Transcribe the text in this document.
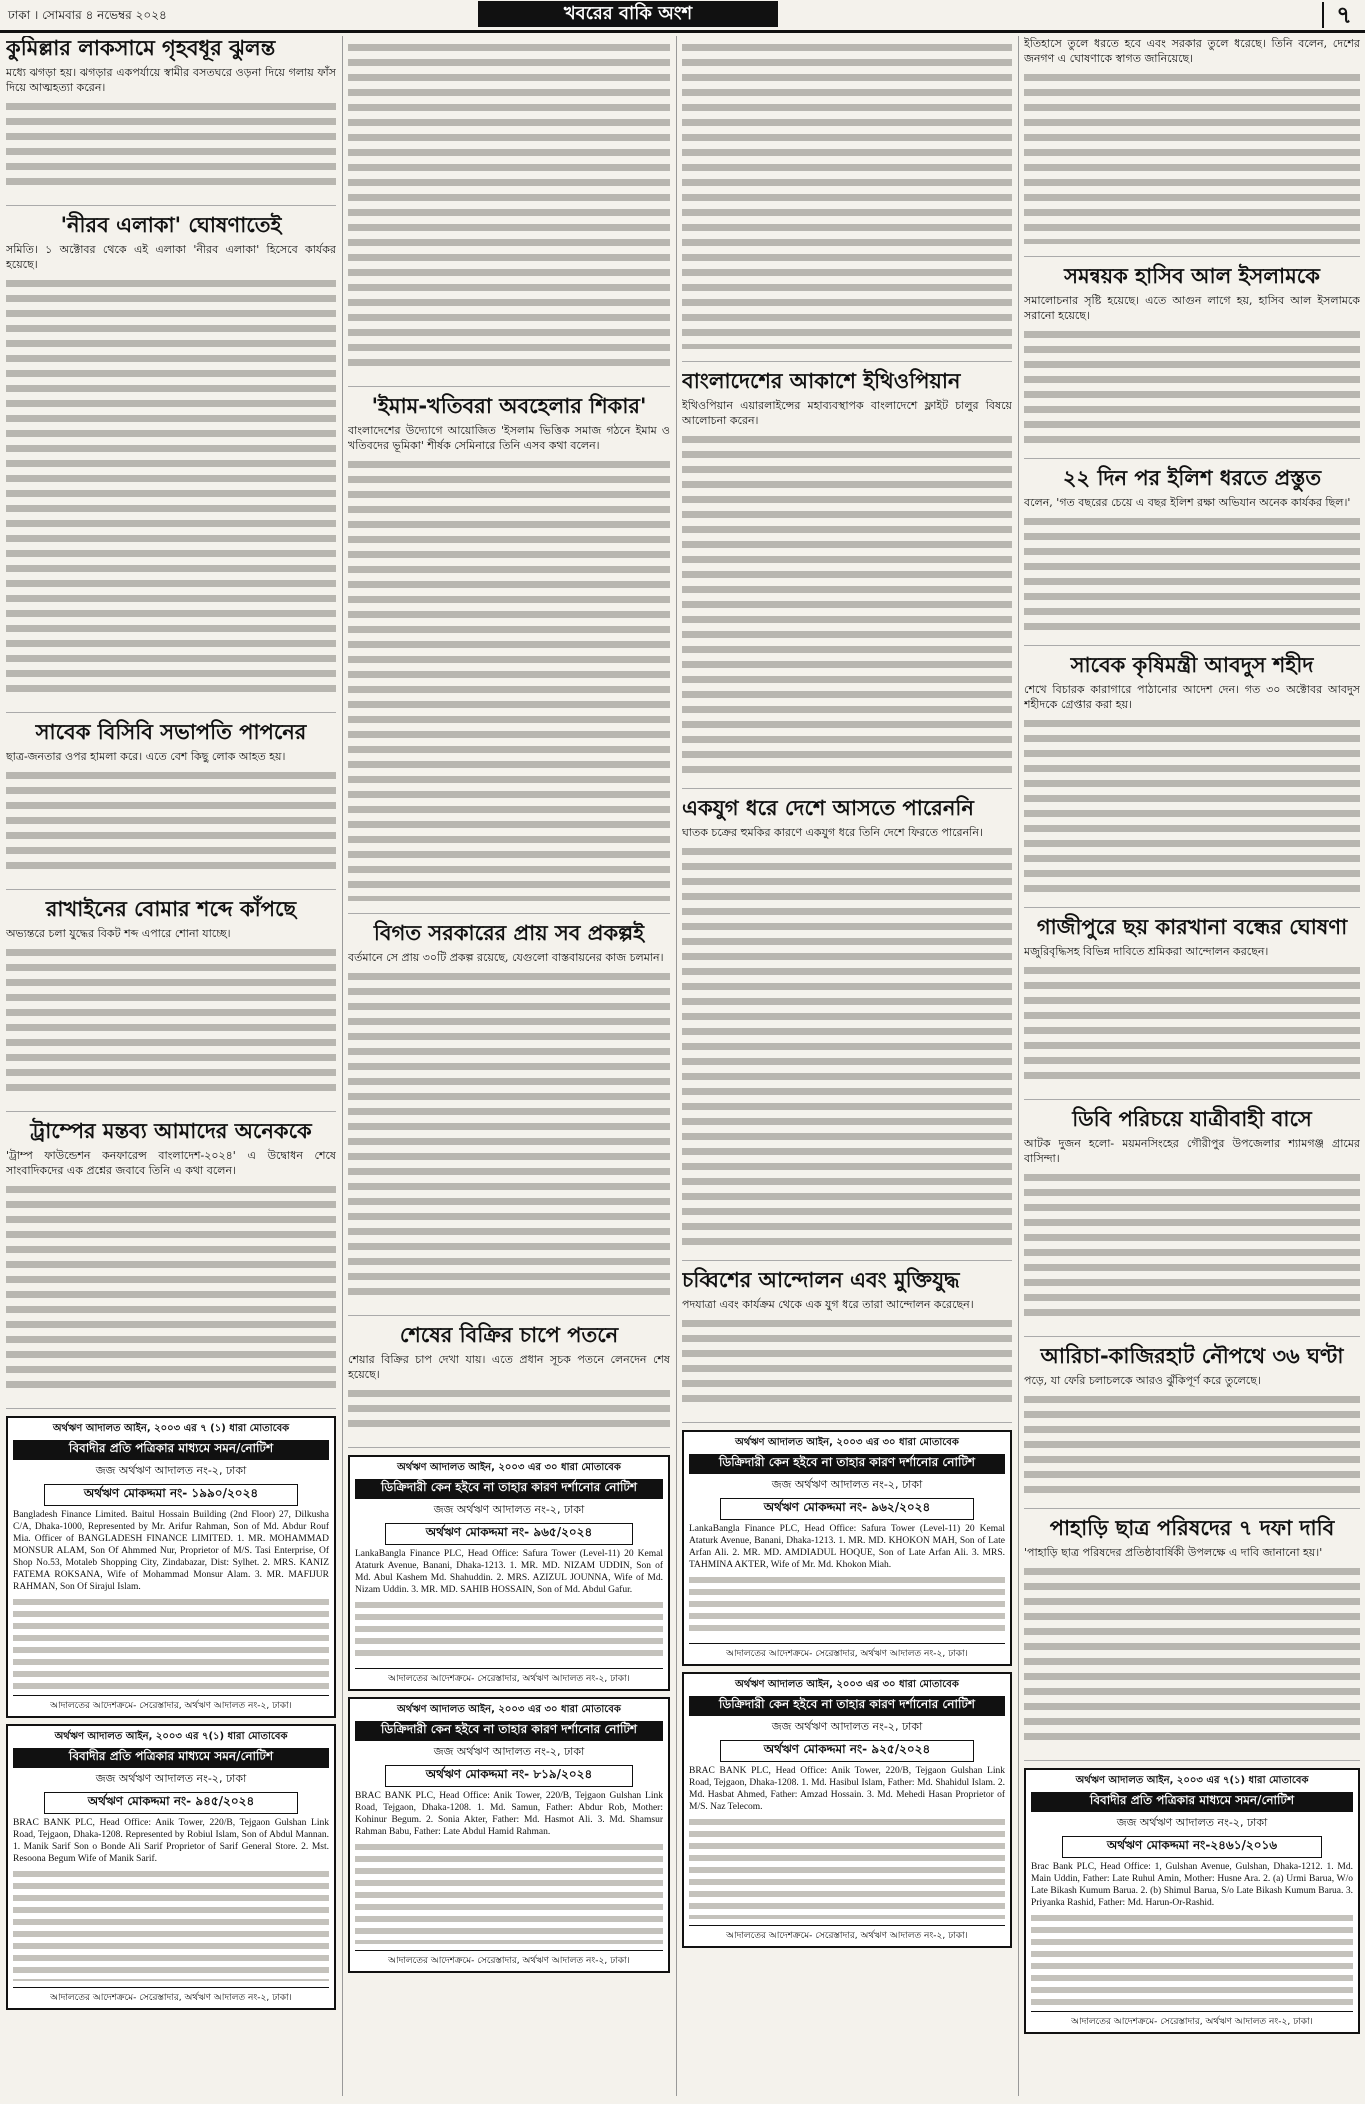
ঢাকা । সোমবার ৪ নভেম্বর ২০২৪	খবরের বাকি অংশ	৭
কুমিল্লার লাকসামে গৃহবধূর ঝুলন্ত

মধ্যে ঝগড়া হয়। ঝগড়ার একপর্যায়ে স্বামীর বসতঘরে ওড়না দিয়ে গলায় ফাঁস দিয়ে আত্মহত্যা করেন।

'নীরব এলাকা' ঘোষণাতেই

সমিতি। ১ অক্টোবর থেকে এই এলাকা 'নীরব এলাকা' হিসেবে কার্যকর হয়েছে।

সাবেক বিসিবি সভাপতি পাপনের

ছাত্র-জনতার ওপর হামলা করে। এতে বেশ কিছু লোক আহত হয়।

রাখাইনের বোমার শব্দে কাঁপছে

অভ্যন্তরে চলা যুদ্ধের বিকট শব্দ এপারে শোনা যাচ্ছে।

ট্রাম্পের মন্তব্য আমাদের অনেককে

'ট্রাম্প ফাউন্ডেশন কনফারেন্স বাংলাদেশ-২০২৪' এ উদ্বোধন শেষে সাংবাদিকদের এক প্রশ্নের জবাবে তিনি এ কথা বলেন।

অর্থঋণ আদালত আইন, ২০০৩ এর ৭ (১) ধারা মোতাবেক
বিবাদীর প্রতি পত্রিকার মাধ্যমে সমন/নোটিশ
জজ অর্থঋণ আদালত নং-২, ঢাকা
অর্থঋণ মোকদ্দমা নং- ১৯৯০/২০২৪
Bangladesh Finance Limited. Baitul Hossain Building (2nd Floor) 27, Dilkusha C/A, Dhaka-1000, Represented by Mr. Arifur Rahman, Son of Md. Abdur Rouf Mia. Officer of BANGLADESH FINANCE LIMITED. 1. MR. MOHAMMAD MONSUR ALAM, Son Of Ahmmed Nur, Proprietor of M/S. Tasi Enterprise, Of Shop No.53, Motaleb Shopping City, Zindabazar, Dist: Sylhet. 2. MRS. KANIZ FATEMA ROKSANA, Wife of Mohammad Monsur Alam. 3. MR. MAFIJUR RAHMAN, Son Of Sirajul Islam.
আদালতের আদেশক্রমে- সেরেস্তাদার, অর্থঋণ আদালত নং-২, ঢাকা।
অর্থঋণ আদালত আইন, ২০০৩ এর ৭(১) ধারা মোতাবেক
বিবাদীর প্রতি পত্রিকার মাধ্যমে সমন/নোটিশ
জজ অর্থঋণ আদালত নং-২, ঢাকা
অর্থঋণ মোকদ্দমা নং- ৯৪৫/২০২৪
BRAC BANK PLC, Head Office: Anik Tower, 220/B, Tejgaon Gulshan Link Road, Tejgaon, Dhaka-1208. Represented by Robiul Islam, Son of Abdul Mannan. 1. Manik Sarif Son o Bonde Ali Sarif Proprietor of Sarif General Store. 2. Mst. Resoona Begum Wife of Manik Sarif.
আদালতের আদেশক্রমে- সেরেস্তাদার, অর্থঋণ আদালত নং-২, ঢাকা।
'ইমাম-খতিবরা অবহেলার শিকার'

বাংলাদেশের উদ্যোগে আয়োজিত 'ইসলাম ভিত্তিক সমাজ গঠনে ইমাম ও খতিবদের ভূমিকা' শীর্ষক সেমিনারে তিনি এসব কথা বলেন।

বিগত সরকারের প্রায় সব প্রকল্পই

বর্তমানে সে প্রায় ৩০টি প্রকল্প রয়েছে, যেগুলো বাস্তবায়নের কাজ চলমান।

শেষের বিক্রির চাপে পতনে

শেয়ার বিক্রির চাপ দেখা যায়। এতে প্রধান সূচক পতনে লেনদেন শেষ হয়েছে।

অর্থঋণ আদালত আইন, ২০০৩ এর ৩০ ধারা মোতাবেক
ডিক্রিদারী কেন হইবে না তাহার কারণ দর্শানোর নোটিশ
জজ অর্থঋণ আদালত নং-২, ঢাকা
অর্থঋণ মোকদ্দমা নং- ৯৬৫/২০২৪
LankaBangla Finance PLC, Head Office: Safura Tower (Level-11) 20 Kemal Ataturk Avenue, Banani, Dhaka-1213. 1. MR. MD. NIZAM UDDIN, Son of Md. Abul Kashem Md. Shahuddin. 2. MRS. AZIZUL JOUNNA, Wife of Md. Nizam Uddin. 3. MR. MD. SAHIB HOSSAIN, Son of Md. Abdul Gafur.
আদালতের আদেশক্রমে- সেরেস্তাদার, অর্থঋণ আদালত নং-২, ঢাকা।
অর্থঋণ আদালত আইন, ২০০৩ এর ৩০ ধারা মোতাবেক
ডিক্রিদারী কেন হইবে না তাহার কারণ দর্শানোর নোটিশ
জজ অর্থঋণ আদালত নং-২, ঢাকা
অর্থঋণ মোকদ্দমা নং- ৮১৯/২০২৪
BRAC BANK PLC, Head Office: Anik Tower, 220/B, Tejgaon Gulshan Link Road, Tejgaon, Dhaka-1208. 1. Md. Samun, Father: Abdur Rob, Mother: Kohinur Begum. 2. Sonia Akter, Father: Md. Hasmot Ali. 3. Md. Shamsur Rahman Babu, Father: Late Abdul Hamid Rahman.
আদালতের আদেশক্রমে- সেরেস্তাদার, অর্থঋণ আদালত নং-২, ঢাকা।
বাংলাদেশের আকাশে ইথিওপিয়ান

ইথিওপিয়ান এয়ারলাইন্সের মহাব্যবস্থাপক বাংলাদেশে ফ্লাইট চালুর বিষয়ে আলোচনা করেন।

একযুগ ধরে দেশে আসতে পারেননি

ঘাতক চক্রের হুমকির কারণে একযুগ ধরে তিনি দেশে ফিরতে পারেননি।

চব্বিশের আন্দোলন এবং মুক্তিযুদ্ধ

পদযাত্রা এবং কার্যক্রম থেকে এক যুগ ধরে তারা আন্দোলন করেছেন।

অর্থঋণ আদালত আইন, ২০০৩ এর ৩০ ধারা মোতাবেক
ডিক্রিদারী কেন হইবে না তাহার কারণ দর্শানোর নোটিশ
জজ অর্থঋণ আদালত নং-২, ঢাকা
অর্থঋণ মোকদ্দমা নং- ৯৬২/২০২৪
LankaBangla Finance PLC, Head Office: Safura Tower (Level-11) 20 Kemal Ataturk Avenue, Banani, Dhaka-1213. 1. MR. MD. KHOKON MAH, Son of Late Arfan Ali. 2. MR. MD. AMDIADUL HOQUE, Son of Late Arfan Ali. 3. MRS. TAHMINA AKTER, Wife of Mr. Md. Khokon Miah.
আদালতের আদেশক্রমে- সেরেস্তাদার, অর্থঋণ আদালত নং-২, ঢাকা।
অর্থঋণ আদালত আইন, ২০০৩ এর ৩০ ধারা মোতাবেক
ডিক্রিদারী কেন হইবে না তাহার কারণ দর্শানোর নোটিশ
জজ অর্থঋণ আদালত নং-২, ঢাকা
অর্থঋণ মোকদ্দমা নং- ৯২৫/২০২৪
BRAC BANK PLC, Head Office: Anik Tower, 220/B, Tejgaon Gulshan Link Road, Tejgaon, Dhaka-1208. 1. Md. Hasibul Islam, Father: Md. Shahidul Islam. 2. Md. Hasbat Ahmed, Father: Amzad Hossain. 3. Md. Mehedi Hasan Proprietor of M/S. Naz Telecom.
আদালতের আদেশক্রমে- সেরেস্তাদার, অর্থঋণ আদালত নং-২, ঢাকা।

ইতিহাসে তুলে ধরতে হবে এবং সরকার তুলে ধরেছে। তিনি বলেন, দেশের জনগণ এ ঘোষণাকে স্বাগত জানিয়েছে।

সমন্বয়ক হাসিব আল ইসলামকে

সমালোচনার সৃষ্টি হয়েছে। এতে আগুন লাগে হয়, হাসিব আল ইসলামকে সরানো হয়েছে।

২২ দিন পর ইলিশ ধরতে প্রস্তুত

বলেন, 'গত বছরের চেয়ে এ বছর ইলিশ রক্ষা অভিযান অনেক কার্যকর ছিল।'

সাবেক কৃষিমন্ত্রী আবদুস শহীদ

শেখে বিচারক কারাগারে পাঠানোর আদেশ দেন। গত ৩০ অক্টোবর আবদুস শহীদকে গ্রেপ্তার করা হয়।

গাজীপুরে ছয় কারখানা বন্ধের ঘোষণা

মজুরিবৃদ্ধিসহ বিভিন্ন দাবিতে শ্রমিকরা আন্দোলন করছেন।

ডিবি পরিচয়ে যাত্রীবাহী বাসে

আটক দুজন হলো- ময়মনসিংহের গৌরীপুর উপজেলার শ্যামগঞ্জ গ্রামের বাসিন্দা।

আরিচা-কাজিরহাট নৌপথে ৩৬ ঘণ্টা

পড়ে, যা ফেরি চলাচলকে আরও ঝুঁকিপূর্ণ করে তুলেছে।

পাহাড়ি ছাত্র পরিষদের ৭ দফা দাবি

'পাহাড়ি ছাত্র পরিষদের প্রতিষ্ঠাবার্ষিকী উপলক্ষে এ দাবি জানানো হয়।'

অর্থঋণ আদালত আইন, ২০০৩ এর ৭(১) ধারা মোতাবেক
বিবাদীর প্রতি পত্রিকার মাধ্যমে সমন/নোটিশ
জজ অর্থঋণ আদালত নং-২, ঢাকা
অর্থঋণ মোকদ্দমা নং-২৪৬১/২০১৬
Brac Bank PLC, Head Office: 1, Gulshan Avenue, Gulshan, Dhaka-1212. 1. Md. Main Uddin, Father: Late Ruhul Amin, Mother: Husne Ara. 2. (a) Urmi Barua, W/o Late Bikash Kumum Barua. 2. (b) Shimul Barua, S/o Late Bikash Kumum Barua. 3. Priyanka Rashid, Father: Md. Harun-Or-Rashid.
আদালতের আদেশক্রমে- সেরেস্তাদার, অর্থঋণ আদালত নং-২, ঢাকা।
